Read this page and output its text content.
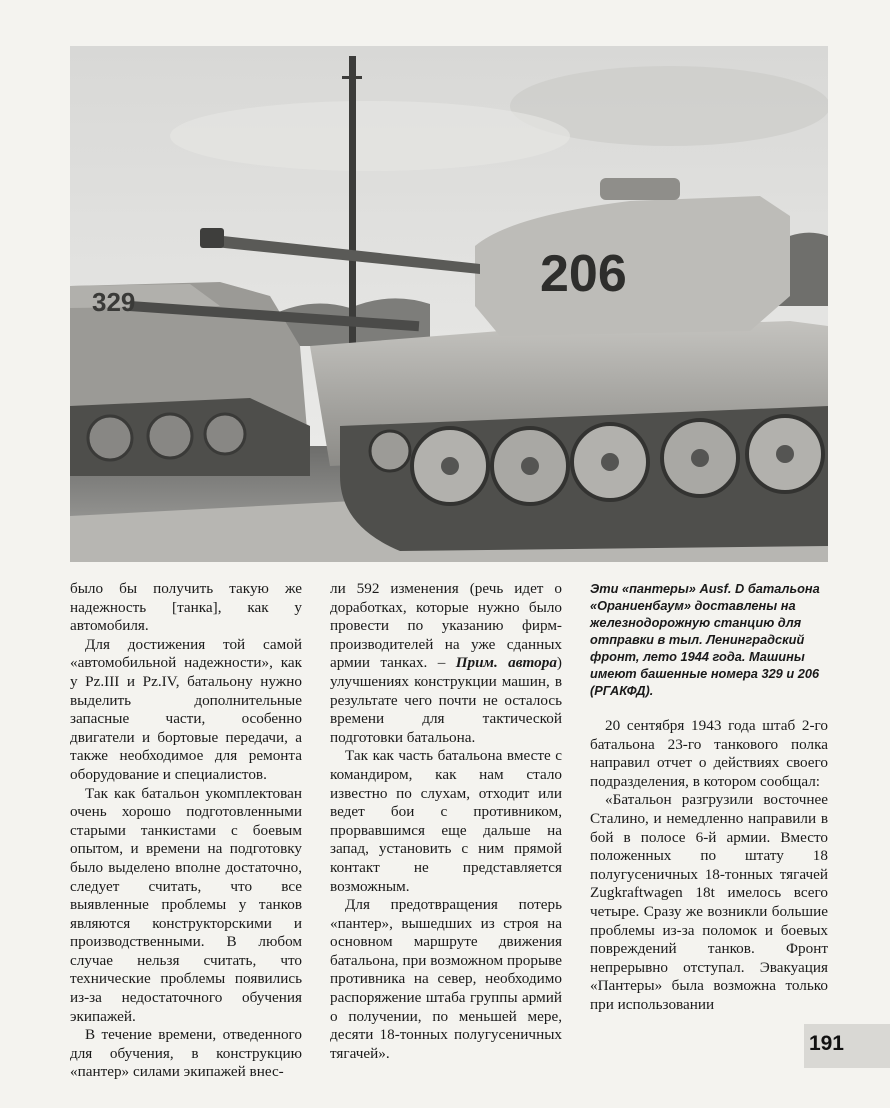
329	206

было бы получить такую же надежность [танка], как у автомобиля.

Для достижения той самой «автомобильной надежности», как у Pz.III и Pz.IV, батальону нужно выделить дополнительные запасные части, особенно двигатели и бортовые передачи, а также необходимое для ремонта оборудование и специалистов.

Так как батальон укомплектован очень хорошо подготовленными старыми танкистами с боевым опытом, и времени на подготовку было выделено вполне достаточно, следует считать, что все выявленные проблемы у танков являются конструкторскими и производственными. В любом случае нельзя считать, что технические проблемы появились из-за недостаточного обучения экипажей.

В течение времени, отведенного для обучения, в конструкцию «пантер» силами экипажей внес-

ли 592 изменения (речь идет о доработках, которые нужно было провести по указанию фирм-производителей на уже сданных армии танках. – Прим. автора) улучшениях конструкции машин, в результате чего почти не осталось времени для тактической подготовки батальона.

Так как часть батальона вместе с командиром, как нам стало известно по слухам, отходит или ведет бои с противником, прорвавшимся еще дальше на запад, установить с ним прямой контакт не представляется возможным.

Для предотвращения потерь «пантер», вышедших из строя на основном маршруте движения батальона, при возможном прорыве противника на север, необходимо распоряжение штаба группы армий о получении, по меньшей мере, десяти 18-тонных полугусеничных тягачей».

Эти «пантеры» Ausf. D батальона «Ораниенбаум» доставлены на железнодорожную станцию для отправки в тыл. Ленинградский фронт, лето 1944 года. Машины имеют башенные номера 329 и 206 (РГАКФД).

20 сентября 1943 года штаб 2-го батальона 23-го танкового полка направил отчет о действиях своего подразделения, в котором сообщал:

«Батальон разгрузили восточнее Сталино, и немедленно направили в бой в полосе 6-й армии. Вместо положенных по штату 18 полугусеничных 18-тонных тягачей Zugkraftwagen 18t имелось всего четыре. Сразу же возникли большие проблемы из-за поломок и боевых повреждений танков. Фронт непрерывно отступал. Эвакуация «Пантеры» была возможна только при использовании

191
